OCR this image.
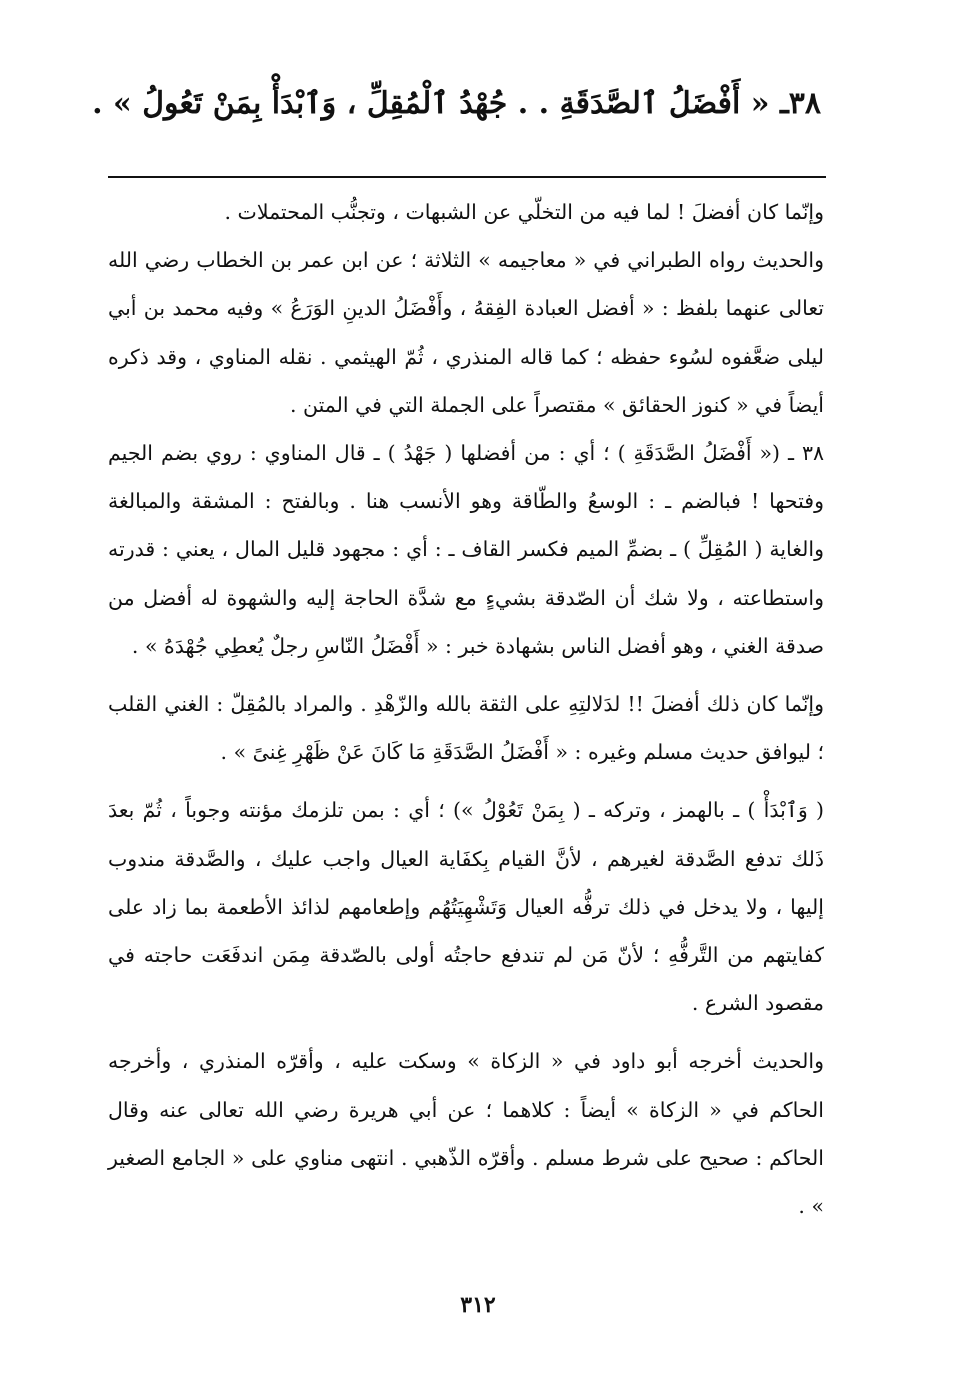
٣٨ـ « أَفْضَلُ ٱلصَّدَقَةِ . . جُهْدُ ٱلْمُقِلِّ ، وَٱبْدَأْ بِمَنْ تَعُولُ » .

وإنّما كان أفضلَ ! لما فيه من التخلّي عن الشبهات ، وتجنُّب المحتملات .

والحديث رواه الطبراني في « معاجيمه » الثلاثة ؛ عن ابن عمر بن الخطاب رضي الله تعالى عنهما بلفظ : « أفضل العبادة الفِقهُ ، وأَفْضَلُ الدينِ الوَرَعُ » وفيه محمد بن أبي ليلى ضعَّفوه لسُوء حفظه ؛ كما قاله المنذري ، ثُمّ الهيثمي . نقله المناوي ، وقد ذكره أيضاً في « كنوز الحقائق » مقتصراً على الجملة التي في المتن .

٣٨ ـ (« أَفْضَلُ الصَّدَقَةِ ) ؛ أي : من أفضلها ( جَهْدُ ) ـ قال المناوي : روي بضم الجيم وفتحها ! فبالضم ـ : الوسعُ والطّاقة وهو الأنسب هنا . وبالفتح : المشقة والمبالغة والغاية ( المُقِلِّ ) ـ بضمِّ الميم فكسر القاف ـ : أي : مجهود قليل المال ، يعني : قدرته واستطاعته ، ولا شك أن الصّدقة بشيءٍ مع شدَّة الحاجة إليه والشهوة له أفضل من صدقة الغني ، وهو أفضل الناس بشهادة خبر : « أَفْضَلُ النّاسِ رجلٌ يُعطِي جُهْدَهُ » .

وإنّما كان ذلك أفضلَ !! لدَلالتِهِ على الثقة بالله والزّهْدِ . والمراد بالمُقِلّ : الغني القلب ؛ ليوافق حديث مسلم وغيره : « أَفْضَلُ الصَّدَقَةِ مَا كَانَ عَنْ ظَهْرِ غِنىً » .

( وَٱبْدَأْ ) ـ بالهمز ، وتركه ـ ( بِمَنْ تَعُوْلُ ») ؛ أي : بمن تلزمك مؤنته وجوباً ، ثُمّ بعدَ ذَلك تدفع الصَّدقة لغيرهم ، لأنَّ القيام بِكفَاية العيال واجب عليك ، والصَّدقة مندوب إليها ، ولا يدخل في ذلك ترفُّه العيال وَتَشْهِيَتُهُم وإطعامهم لذائذ الأطعمة بما زاد على كفايتهم من التَّرفُّهِ ؛ لأنّ مَن لم تندفع حاجتُه أولى بالصّدقة مِمَن اندفَعَت حاجته في مقصود الشرع .

والحديث أخرجه أبو داود في « الزكاة » وسكت عليه ، وأقرّه المنذري ، وأخرجه الحاكم في « الزكاة » أيضاً : كلاهما ؛ عن أبي هريرة رضي الله تعالى عنه وقال الحاكم : صحيح على شرط مسلم . وأقرّه الذّهبي . انتهى مناوي على « الجامع الصغير » .

٣١٢
